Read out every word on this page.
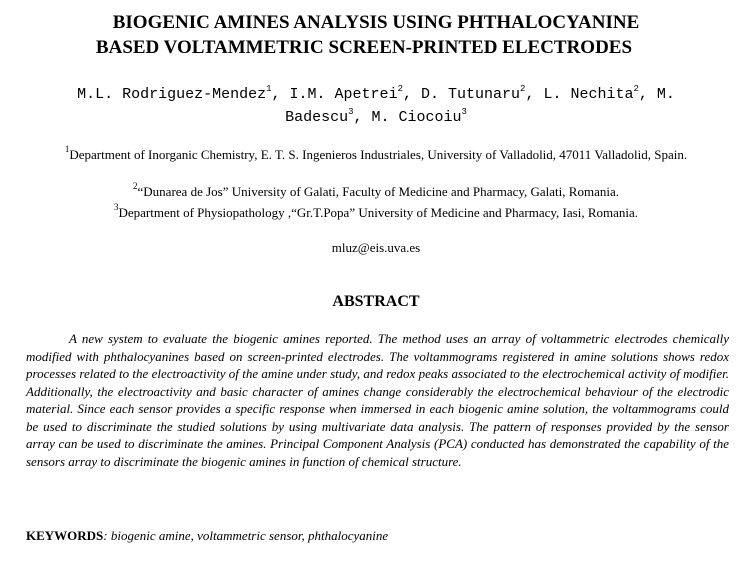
BIOGENIC AMINES ANALYSIS USING PHTHALOCYANINE

BASED VOLTAMMETRIC SCREEN-PRINTED ELECTRODES
M.L. Rodriguez-Mendez$^1$, I.M. Apetrei$^2$, D. Tutunaru$^2$, L. Nechita$^2$, M. Badescu$^3$, M. Ciocoiu$^3$
$^1$Department of Inorganic Chemistry, E. T. S. Ingenieros Industriales, University of Valladolid, 47011 Valladolid, Spain.
$^2$“Dunarea de Jos” University of Galati, Faculty of Medicine and Pharmacy, Galati, Romania.
$^3$Department of Physiopathology ,“Gr.T.Popa” University of Medicine and Pharmacy, Iasi, Romania.
mluz@eis.uva.es
ABSTRACT
A new system to evaluate the biogenic amines reported. The method uses an array of voltammetric electrodes chemically modified with phthalocyanines based on screen-printed electrodes. The voltammograms registered in amine solutions shows redox processes related to the electroactivity of the amine under study, and redox peaks associated to the electrochemical activity of modifier. Additionally, the electroactivity and basic character of amines change considerably the electrochemical behaviour of the electrodic material. Since each sensor provides a specific response when immersed in each biogenic amine solution, the voltammograms could be used to discriminate the studied solutions by using multivariate data analysis. The pattern of responses provided by the sensor array can be used to discriminate the amines. Principal Component Analysis (PCA) conducted has demonstrated the capability of the sensors array to discriminate the biogenic amines in function of chemical structure.
KEYWORDS: biogenic amine, voltammetric sensor, phthalocyanine
